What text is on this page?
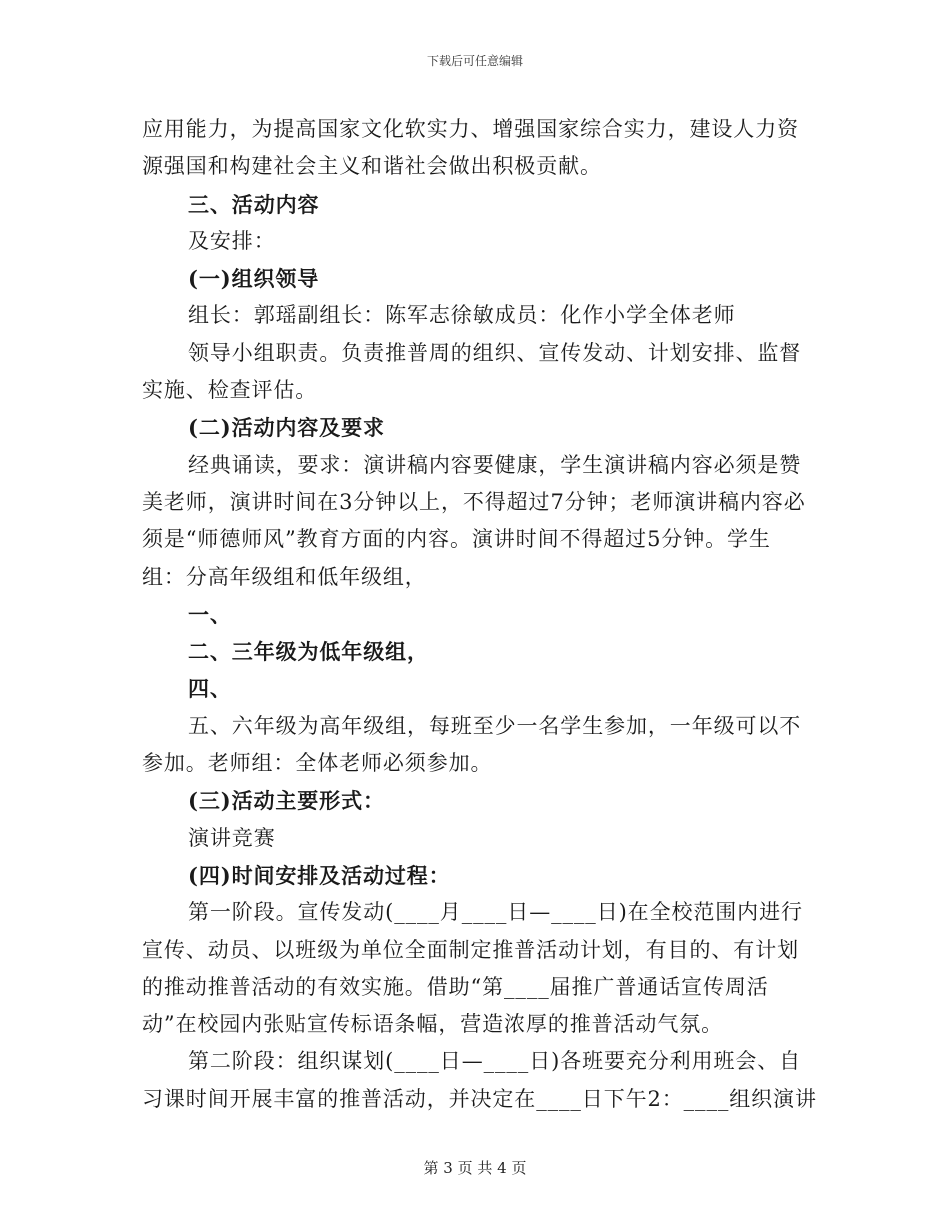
下载后可任意编辑
应用能力，为提高国家文化软实力、增强国家综合实力，建设人力资
源强国和构建社会主义和谐社会做出积极贡献。
三、活动内容
及安排：
(一)组织领导
组长：郭瑶副组长：陈军志徐敏成员：化作小学全体老师
领导小组职责。负责推普周的组织、宣传发动、计划安排、监督
实施、检查评估。
(二)活动内容及要求
经典诵读，要求：演讲稿内容要健康，学生演讲稿内容必须是赞
美老师，演讲时间在3分钟以上，不得超过7分钟；老师演讲稿内容必
须是“师德师风”教育方面的内容。演讲时间不得超过5分钟。学生
组：分高年级组和低年级组，
一、
二、三年级为低年级组，
四、
五、六年级为高年级组，每班至少一名学生参加，一年级可以不
参加。老师组：全体老师必须参加。
(三)活动主要形式：
演讲竞赛
(四)时间安排及活动过程：
第一阶段。宣传发动(____月____日—____日)在全校范围内进行
宣传、动员、以班级为单位全面制定推普活动计划，有目的、有计划
的推动推普活动的有效实施。借助“第____届推广普通话宣传周活
动”在校园内张贴宣传标语条幅，营造浓厚的推普活动气氛。
第二阶段：组织谋划(____日—____日)各班要充分利用班会、自
习课时间开展丰富的推普活动，并决定在____日下午2：____组织演讲
第 3 页 共 4 页
